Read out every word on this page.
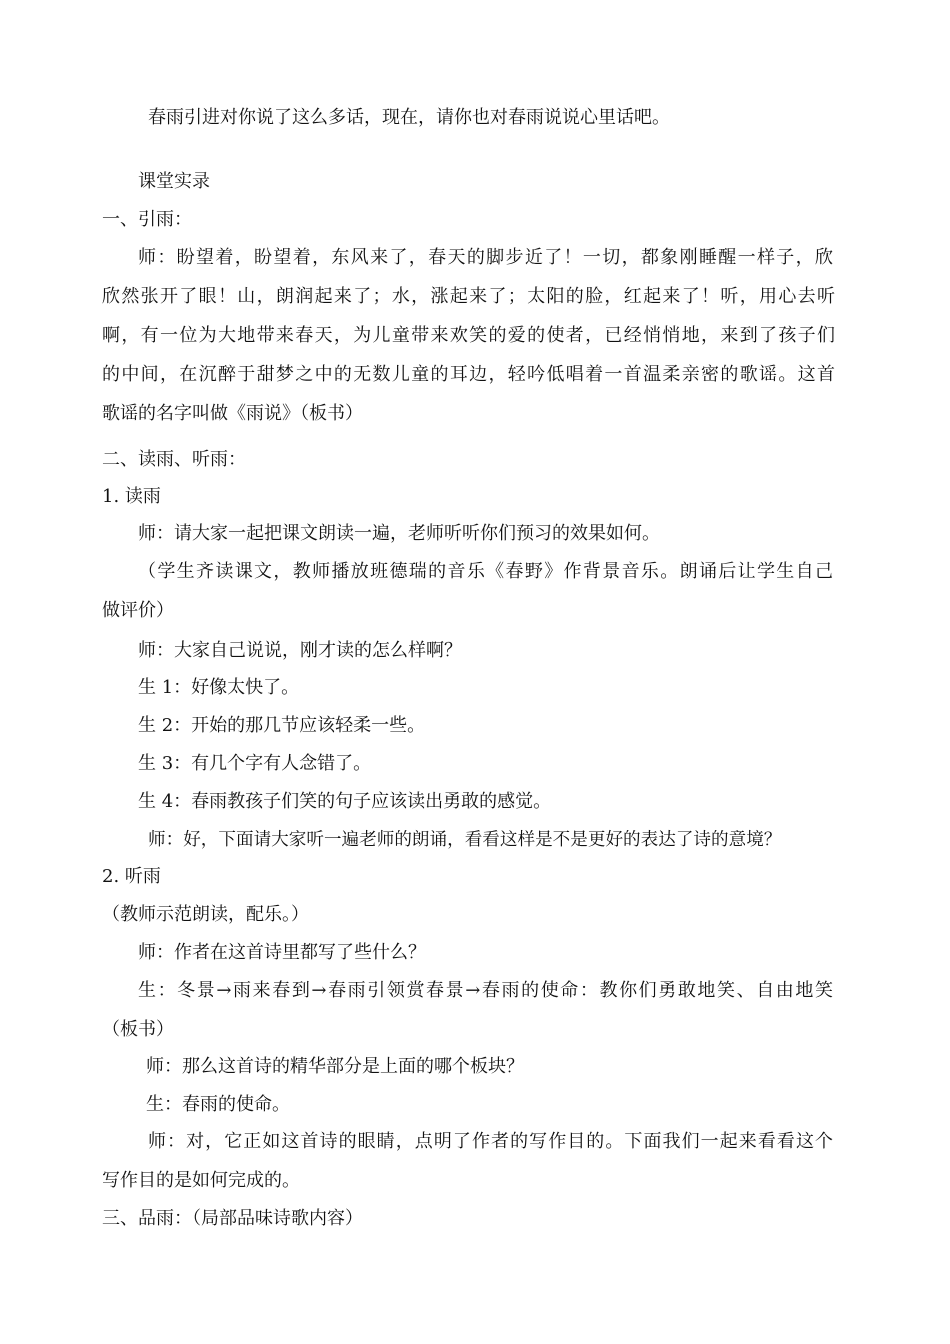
春雨引进对你说了这么多话，现在，请你也对春雨说说心里话吧。
课堂实录
一、引雨：
师：盼望着，盼望着，东风来了，春天的脚步近了！一切，都象刚睡醒一样子，欣
欣然张开了眼！山，朗润起来了；水，涨起来了；太阳的脸，红起来了！听，用心去听
啊，有一位为大地带来春天，为儿童带来欢笑的爱的使者，已经悄悄地，来到了孩子们
的中间，在沉醉于甜梦之中的无数儿童的耳边，轻吟低唱着一首温柔亲密的歌谣。这首
歌谣的名字叫做《雨说》（板书）
二、读雨、听雨：
1. 读雨
师：请大家一起把课文朗读一遍，老师听听你们预习的效果如何。
（学生齐读课文，教师播放班德瑞的音乐《春野》作背景音乐。朗诵后让学生自己
做评价）
师：大家自己说说，刚才读的怎么样啊？
生 1：好像太快了。
生 2：开始的那几节应该轻柔一些。
生 3：有几个字有人念错了。
生 4：春雨教孩子们笑的句子应该读出勇敢的感觉。
师：好，下面请大家听一遍老师的朗诵，看看这样是不是更好的表达了诗的意境？
2. 听雨
（教师示范朗读，配乐。）
师：作者在这首诗里都写了些什么？
生：冬景→雨来春到→春雨引领赏春景→春雨的使命：教你们勇敢地笑、自由地笑
（板书）
师：那么这首诗的精华部分是上面的哪个板块？
生：春雨的使命。
师：对，它正如这首诗的眼睛，点明了作者的写作目的。下面我们一起来看看这个
写作目的是如何完成的。
三、品雨：（局部品味诗歌内容）
